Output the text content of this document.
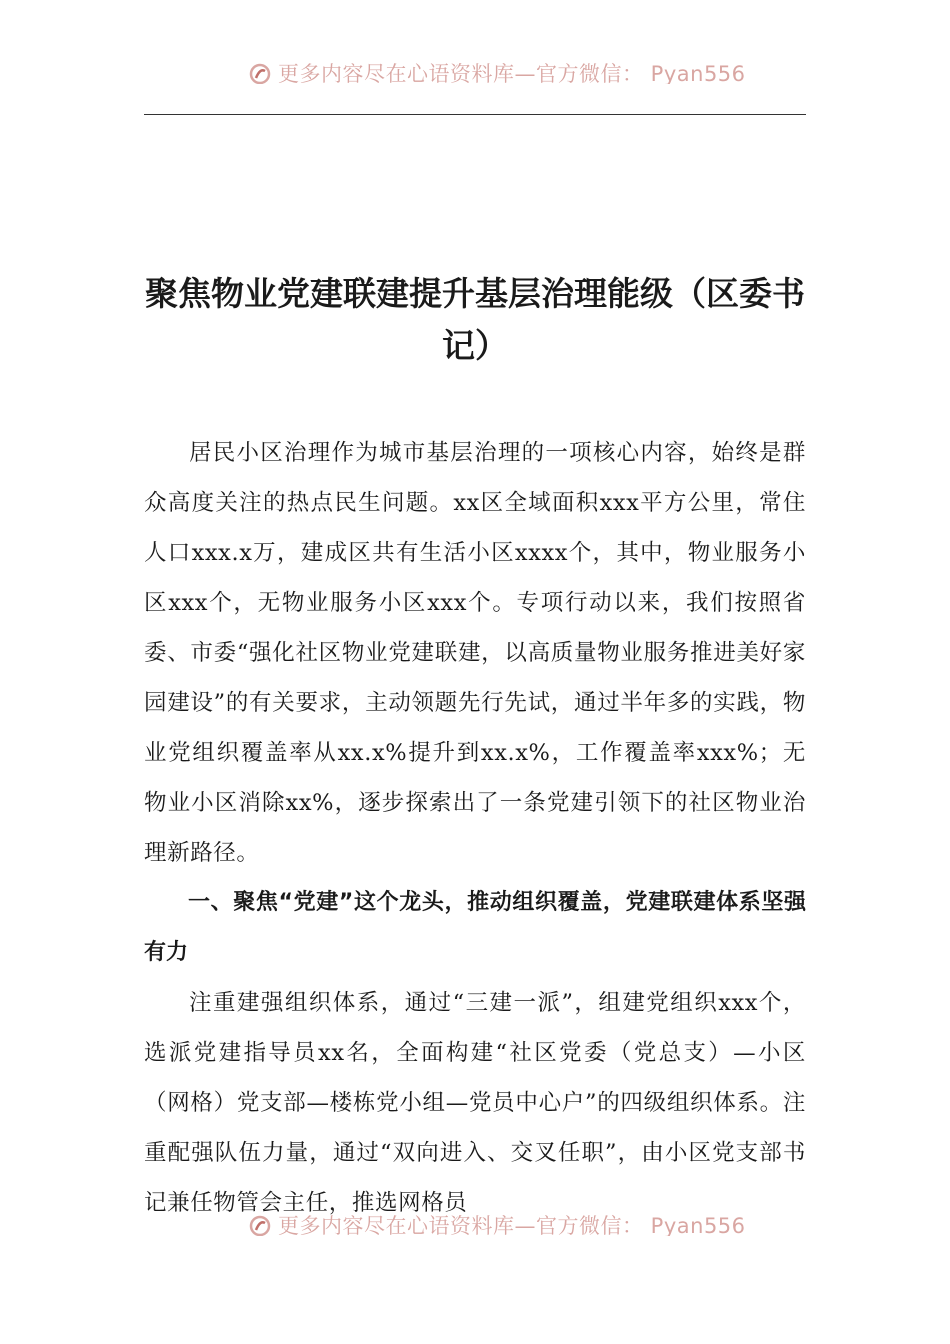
更多内容尽在心语资料库—官方微信： Pyan556
聚焦物业党建联建提升基层治理能级（区委书记）

居民小区治理作为城市基层治理的一项核心内容，始终是群众高度关注的热点民生问题。xx区全域面积xxx平方公里，常住人口xxx.x万，建成区共有生活小区xxxx个，其中，物业服务小区xxx个，无物业服务小区xxx个。专项行动以来，我们按照省委、市委“强化社区物业党建联建，以高质量物业服务推进美好家园建设”的有关要求，主动领题先行先试，通过半年多的实践，物业党组织覆盖率从xx.x%提升到xx.x%，工作覆盖率xxx%；无物业小区消除xx%，逐步探索出了一条党建引领下的社区物业治理新路径。

一、聚焦“党建”这个龙头，推动组织覆盖，党建联建体系坚强有力

注重建强组织体系，通过“三建一派”，组建党组织xxx个，选派党建指导员xx名，全面构建“社区党委（党总支）—小区（网格）党支部—楼栋党小组—党员中心户”的四级组织体系。注重配强队伍力量，通过“双向进入、交叉任职”，由小区党支部书记兼任物管会主任，推选网格员

更多内容尽在心语资料库—官方微信： Pyan556
